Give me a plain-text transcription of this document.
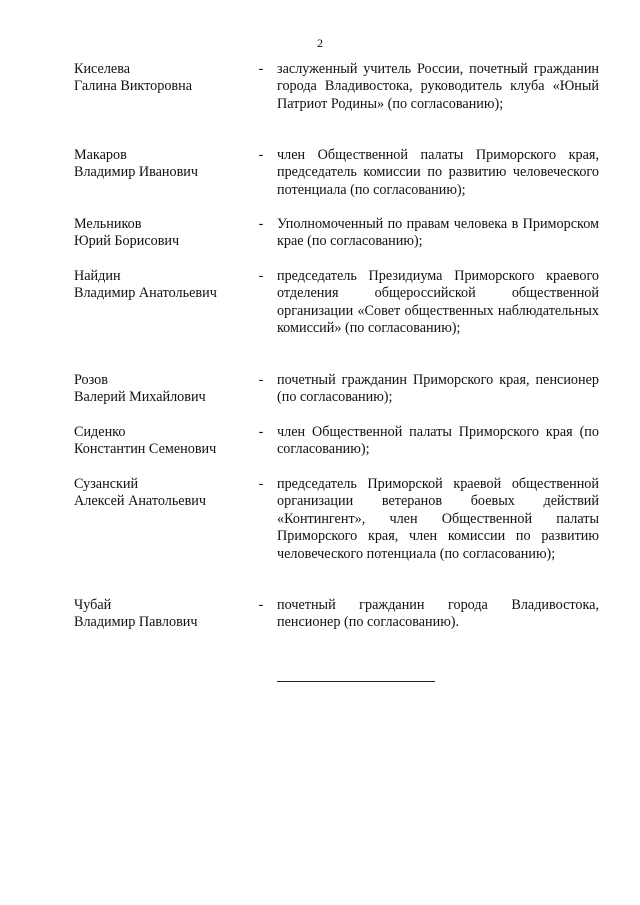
2
Киселева
Галина Викторовна
- заслуженный учитель России, почетный гражданин города Владивостока, руководитель клуба «Юный Патриот Родины» (по согласованию);
Макаров
Владимир Иванович
- член Общественной палаты Приморского края, председатель комиссии по развитию человеческого потенциала (по согласованию);
Мельников
Юрий Борисович
- Уполномоченный по правам человека в Приморском крае (по согласованию);
Найдин
Владимир Анатольевич
- председатель Президиума Приморского краевого отделения общероссийской общественной организации «Совет общественных наблюдательных комиссий» (по согласованию);
Розов
Валерий Михайлович
- почетный гражданин Приморского края, пенсионер (по согласованию);
Сиденко
Константин Семенович
- член Общественной палаты Приморского края (по согласованию);
Сузанский
Алексей Анатольевич
- председатель Приморской краевой общественной организации ветеранов боевых действий «Контингент», член Общественной палаты Приморского края, член комиссии по развитию человеческого потенциала (по согласованию);
Чубай
Владимир Павлович
- почетный гражданин города Владивостока, пенсионер (по согласованию).
